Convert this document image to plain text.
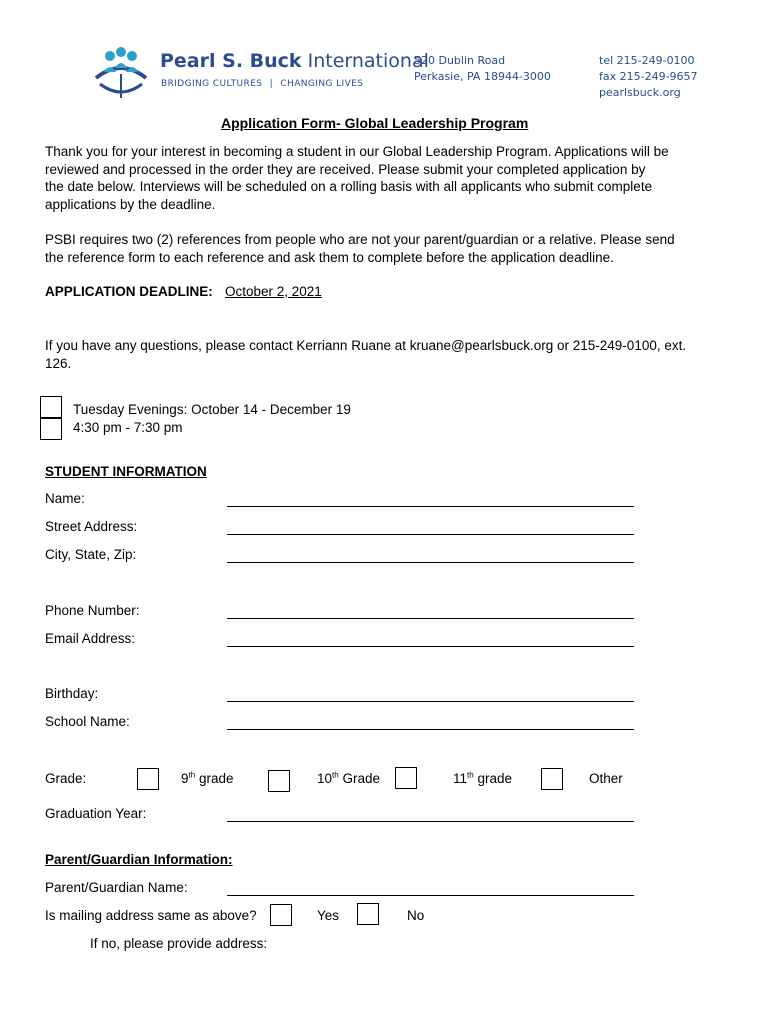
Pearl S. Buck International
BRIDGING CULTURES | CHANGING LIVES
520 Dublin Road
Perkasie, PA 18944-3000
tel 215-249-0100
fax 215-249-9657
pearlsbuck.org
Application Form- Global Leadership Program
Thank you for your interest in becoming a student in our Global Leadership Program. Applications will be
reviewed and processed in the order they are received. Please submit your completed application by
the date below. Interviews will be scheduled on a rolling basis with all applicants who submit complete
applications by the deadline.
PSBI requires two (2) references from people who are not your parent/guardian or a relative. Please send
the reference form to each reference and ask them to complete before the application deadline.
APPLICATION DEADLINE: October 2, 2021
If you have any questions, please contact Kerriann Ruane at kruane@pearlsbuck.org or 215-249-0100, ext.
126.
Tuesday Evenings: October 14 - December 19
4:30 pm - 7:30 pm
STUDENT INFORMATION
Name:
Street Address:
City, State, Zip:
Phone Number:
Email Address:
Birthday:
School Name:
Grade:	9th grade	10th Grade	11th grade	Other
Graduation Year:
Parent/Guardian Information:
Parent/Guardian Name:
Is mailing address same as above?	Yes	No
If no, please provide address:
